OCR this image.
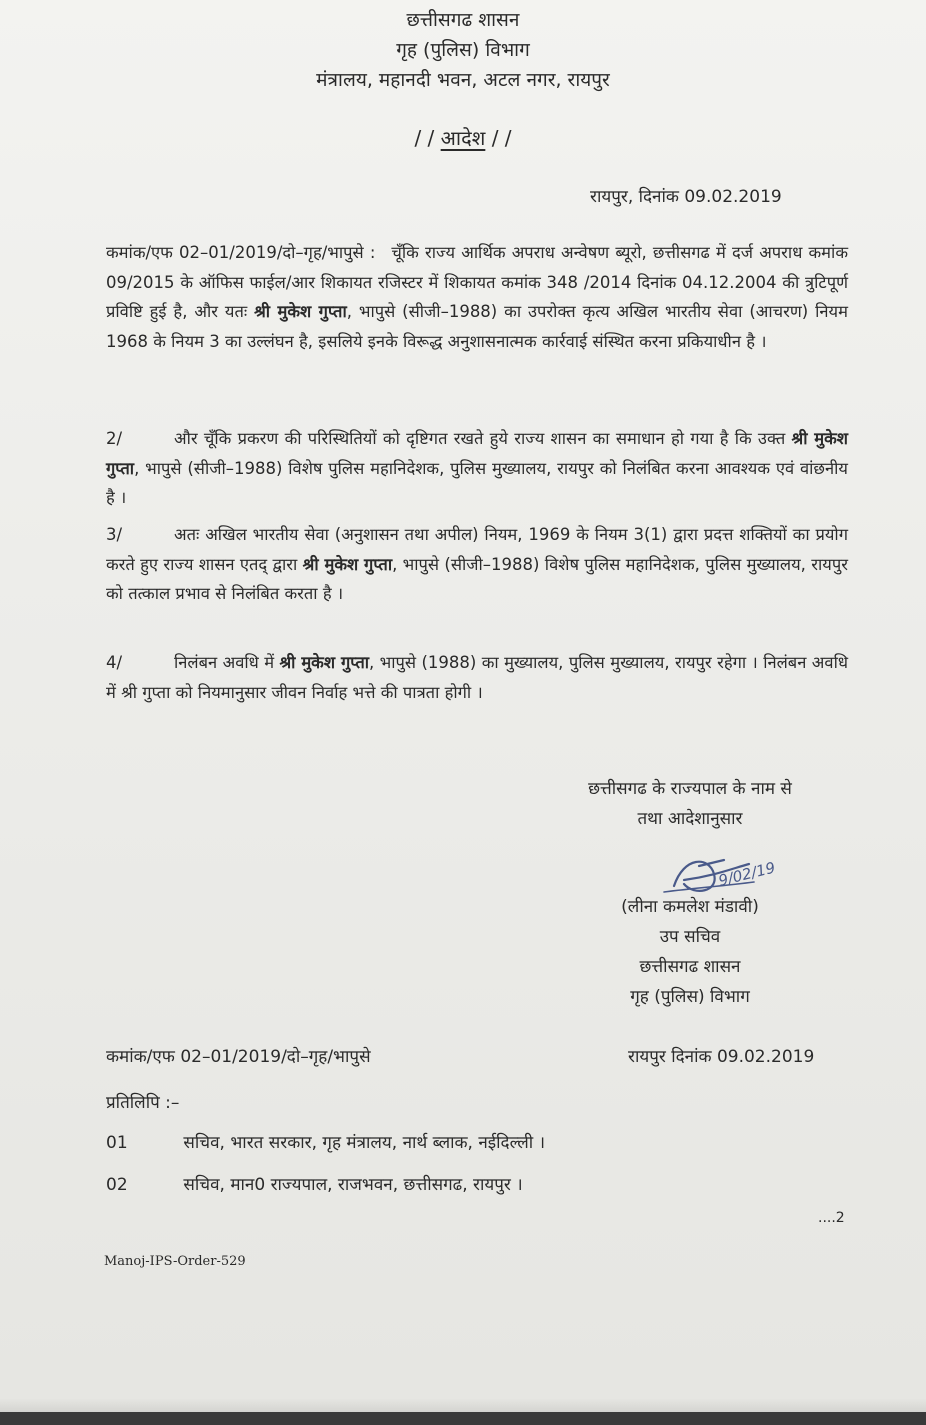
छत्तीसगढ शासन
गृह (पुलिस) विभाग
मंत्रालय, महानदी भवन, अटल नगर, रायपुर
/ / आदेश / /
रायपुर, दिनांक 09.02.2019
कमांक/एफ 02–01/2019/दो–गृह/भापुसे : चूँकि राज्य आर्थिक अपराध अन्वेषण ब्यूरो, छत्तीसगढ में दर्ज अपराध कमांक 09/2015 के ऑफिस फाईल/आर शिकायत रजिस्टर में शिकायत कमांक 348 /2014 दिनांक 04.12.2004 की त्रुटिपूर्ण प्रविष्टि हुई है, और यतः श्री मुकेश गुप्ता, भापुसे (सीजी–1988) का उपरोक्त कृत्य अखिल भारतीय सेवा (आचरण) नियम 1968 के नियम 3 का उल्लंघन है, इसलिये इनके विरूद्ध अनुशासनात्मक कार्रवाई संस्थित करना प्रकियाधीन है ।
2/	और चूँकि प्रकरण की परिस्थितियों को दृष्टिगत रखते हुये राज्य शासन का समाधान हो गया है कि उक्त श्री मुकेश गुप्ता, भापुसे (सीजी–1988) विशेष पुलिस महानिदेशक, पुलिस मुख्यालय, रायपुर को निलंबित करना आवश्यक एवं वांछनीय है ।
3/	अतः अखिल भारतीय सेवा (अनुशासन तथा अपील) नियम, 1969 के नियम 3(1) द्वारा प्रदत्त शक्तियों का प्रयोग करते हुए राज्य शासन एतद् द्वारा श्री मुकेश गुप्ता, भापुसे (सीजी–1988) विशेष पुलिस महानिदेशक, पुलिस मुख्यालय, रायपुर को तत्काल प्रभाव से निलंबित करता है ।
4/	निलंबन अवधि में श्री मुकेश गुप्ता, भापुसे (1988) का मुख्यालय, पुलिस मुख्यालय, रायपुर रहेगा । निलंबन अवधि में श्री गुप्ता को नियमानुसार जीवन निर्वाह भत्ते की पात्रता होगी ।
छत्तीसगढ के राज्यपाल के नाम से
तथा आदेशानुसार
9/02/19
(लीना कमलेश मंडावी)
उप सचिव
छत्तीसगढ शासन
गृह (पुलिस) विभाग
कमांक/एफ 02–01/2019/दो–गृह/भापुसे	रायपुर दिनांक 09.02.2019
प्रतिलिपि :–
01	सचिव, भारत सरकार, गृह मंत्रालय, नार्थ ब्लाक, नईदिल्ली ।
02	सचिव, मान0 राज्यपाल, राजभवन, छत्तीसगढ, रायपुर ।
....2
Manoj-IPS-Order-529
